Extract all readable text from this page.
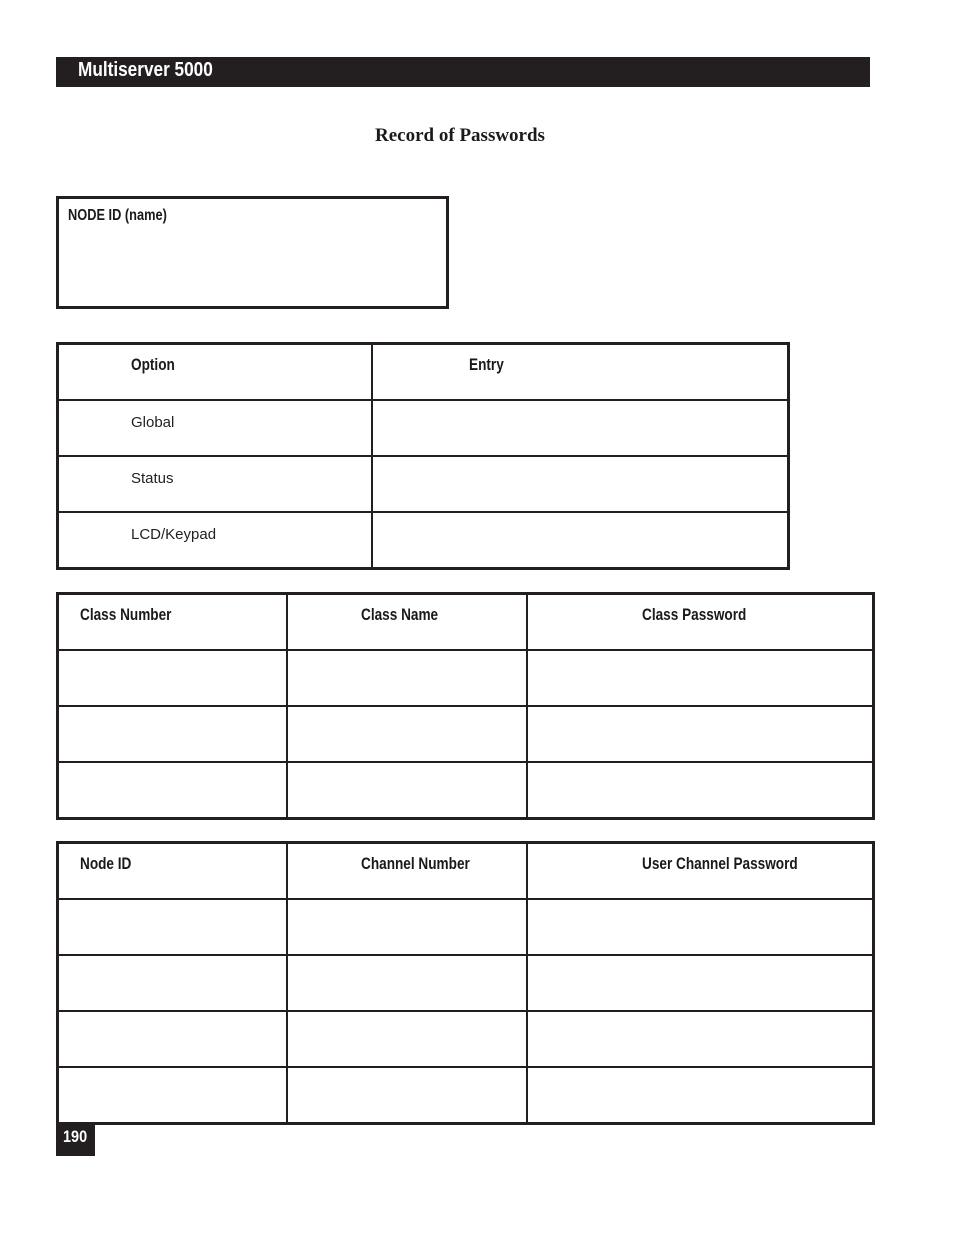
Multiserver 5000
Record of Passwords
NODE ID (name)
Option	Entry

Global	

Status	

LCD/Keypad	

Class Number	Class Name	Class Password

Node ID	Channel Number	User Channel Password

190
